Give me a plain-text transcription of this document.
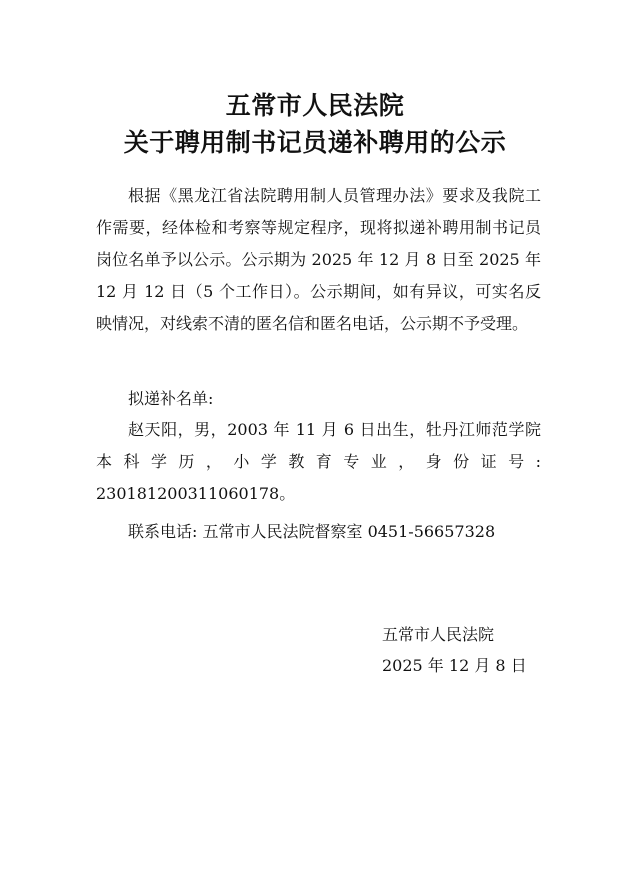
五常市人民法院
关于聘用制书记员递补聘用的公示
根据《黑龙江省法院聘用制人员管理办法》要求及我院工作需要，经体检和考察等规定程序，现将拟递补聘用制书记员岗位名单予以公示。公示期为 2025 年 12 月 8 日至 2025 年 12 月 12 日（5 个工作日）。公示期间，如有异议，可实名反映情况，对线索不清的匿名信和匿名电话，公示期不予受理。
拟递补名单:
赵天阳，男，2003 年 11 月 6 日出生，牡丹江师范学院本科学历，小学教育专业，身份证号: 230181200311060178。
联系电话: 五常市人民法院督察室 0451-56657328
五常市人民法院
2025 年 12 月 8 日
